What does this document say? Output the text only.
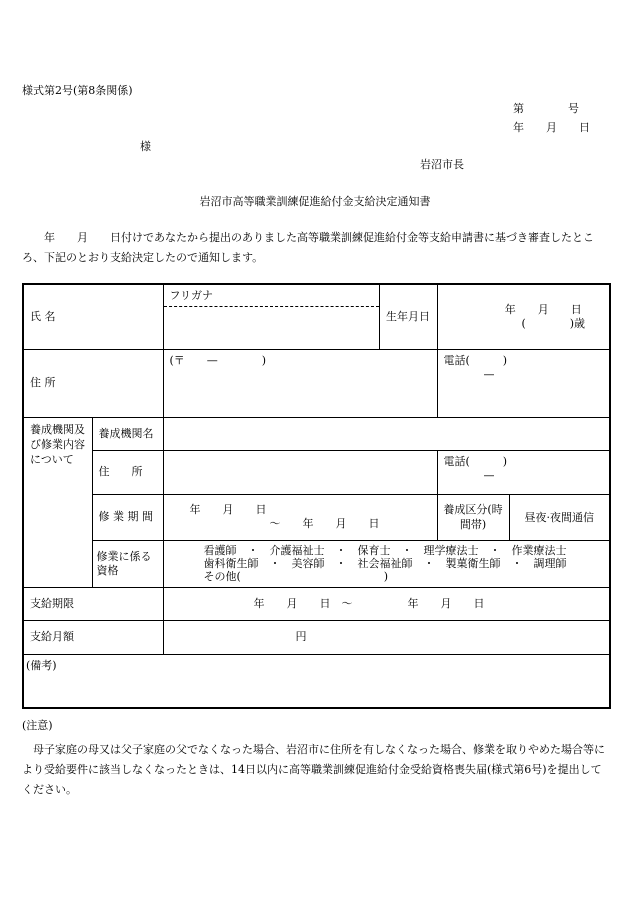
様式第2号(第8条関係)
第　　　　号
年　　月　　日
様
岩沼市長
岩沼市高等職業訓練促進給付金支給決定通知書
　　年　　月　　日付けであなたから提出のありました高等職業訓練促進給付金等支給申請書に基づき審査したところ、下記のとおり支給決定したので通知します。
氏 名		フリガナ	生年月日	年　　月　　日
(　　　　)歳	

住 所		(〒　　—　　　　)		電話(　　　)
—	

養成機関及び修業内容について	養成機関名				
	住　　所			電話(　　　)
—	

	修 業 期 間	年　　月　　日
～　　年　　月　　日		養成区分(時間帯)	昼夜·夜間通信
	修業に係る資格	看護師　・　介護福祉士　・　保育士　・　理学療法士　・　作業療法士
歯科衛生師　・　美容師　・　社会福祉師　・　製菓衛生師　・　調理師
その他(　　　　　　　　　　　　　)			

支給期限		年　　月　　日　～　　　　　年　　月　　日			
支給月額		円			
(備考)					
(注意)
　母子家庭の母又は父子家庭の父でなくなった場合、岩沼市に住所を有しなくなった場合、修業を取りやめた場合等により受給要件に該当しなくなったときは、14日以内に高等職業訓練促進給付金受給資格喪失届(様式第6号)を提出してください。
